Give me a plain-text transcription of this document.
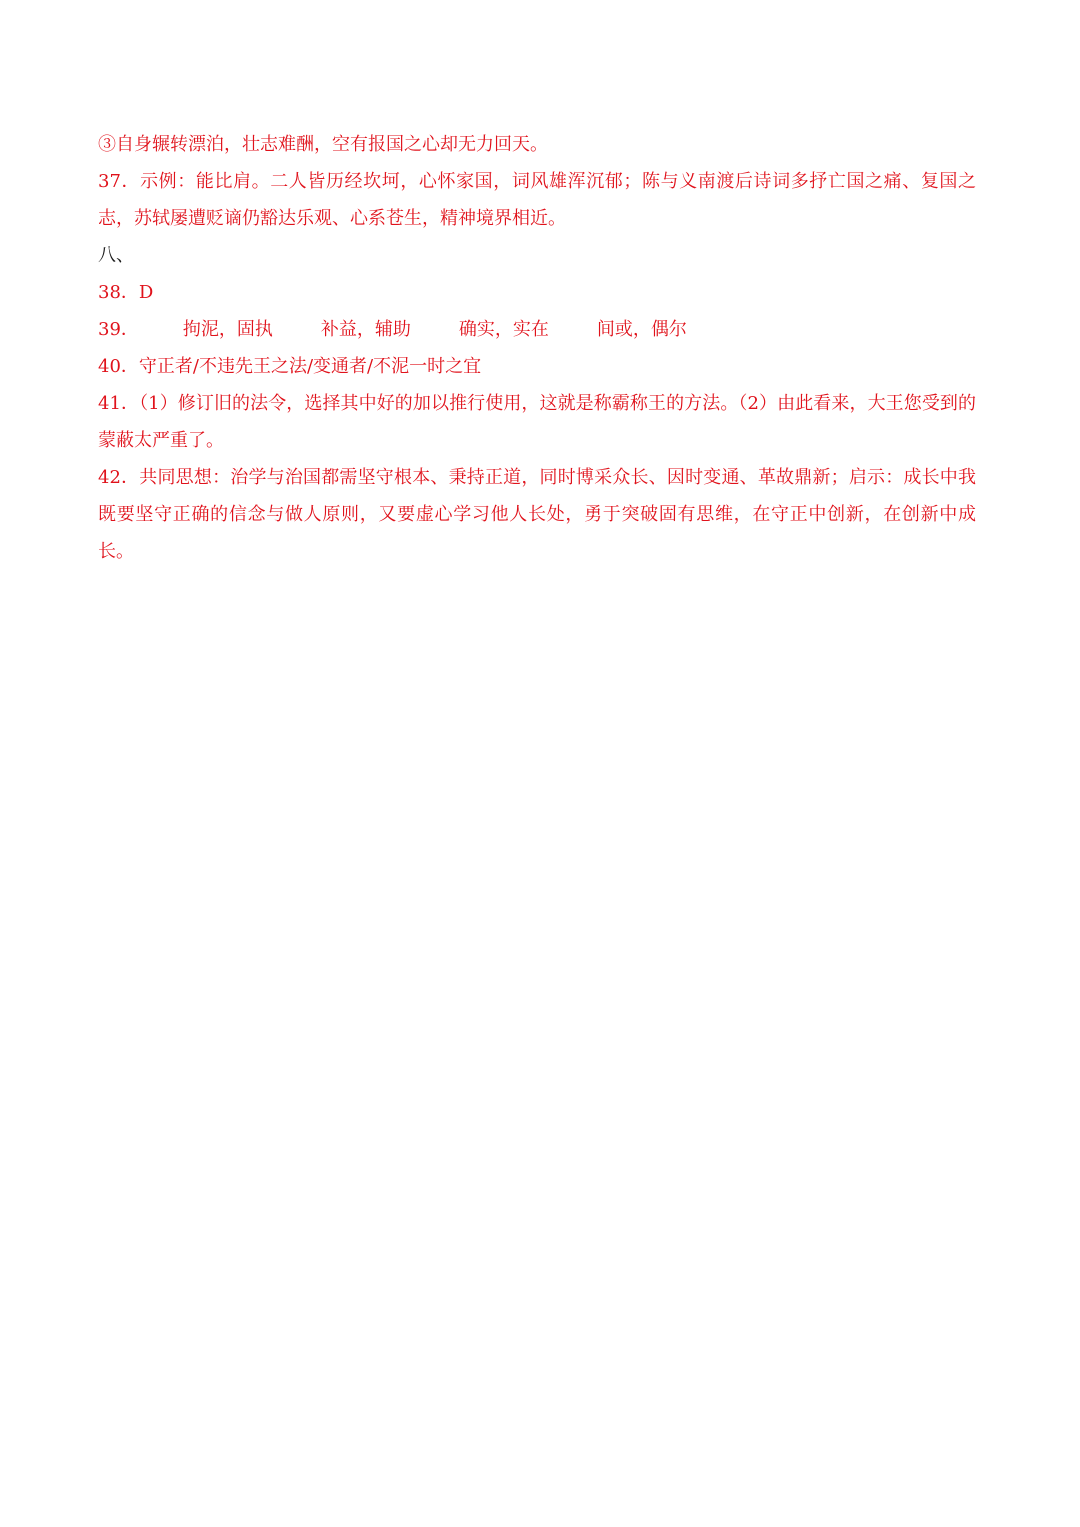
③自身辗转漂泊，壮志难酬，空有报国之心却无力回天。
37．示例：能比肩。二人皆历经坎坷，心怀家国，词风雄浑沉郁；陈与义南渡后诗词多抒亡国之痛、复国之志，苏轼屡遭贬谪仍豁达乐观、心系苍生，精神境界相近。
八、
38．D
39． 拘泥，固执	补益，辅助	确实，实在	间或，偶尔
40．守正者/不违先王之法/变通者/不泥一时之宜
41．（1）修订旧的法令，选择其中好的加以推行使用，这就是称霸称王的方法。（2）由此看来，大王您受到的蒙蔽太严重了。
42．共同思想：治学与治国都需坚守根本、秉持正道，同时博采众长、因时变通、革故鼎新；启示：成长中我既要坚守正确的信念与做人原则，又要虚心学习他人长处，勇于突破固有思维，在守正中创新，在创新中成长。
